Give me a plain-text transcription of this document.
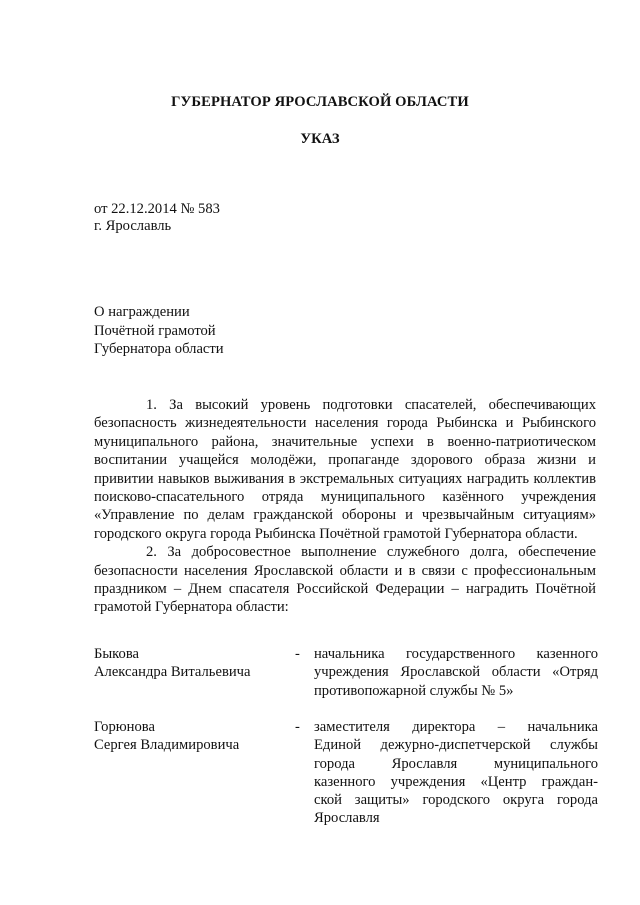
ГУБЕРНАТОР ЯРОСЛАВСКОЙ ОБЛАСТИ
УКАЗ
от 22.12.2014 № 583
г. Ярославль
О награждении
Почётной грамотой
Губернатора области

1. За высокий уровень подготовки спасателей, обеспечивающих безопасность жизнедеятельности населения города Рыбинска и Рыбинского муниципального района, значительные успехи в военно-патриотическом воспитании учащейся молодёжи, пропаганде здорового образа жизни и привитии навыков выживания в экстремальных ситуациях наградить коллектив поисково-спасательного отряда муниципального казённого учреждения «Управление по делам гражданской обороны и чрезвычайным ситуациям» городского округа города Рыбинска Почётной грамотой Губернатора области.

2. За добросовестное выполнение служебного долга, обеспечение безопасности населения Ярославской области и в связи с профессиональным праздником – Днем спасателя Российской Федерации – наградить Почётной грамотой Губернатора области:

Быкова
Александра Витальевича
- начальника государственного казенного
учреждения Ярославской области «Отряд
противопожарной службы № 5»
Горюнова
Сергея Владимировича
- заместителя директора – начальника
Единой дежурно-диспетчерской службы
города Ярославля муниципального
казенного учреждения «Центр граждан-
ской защиты» городского округа города
Ярославля
